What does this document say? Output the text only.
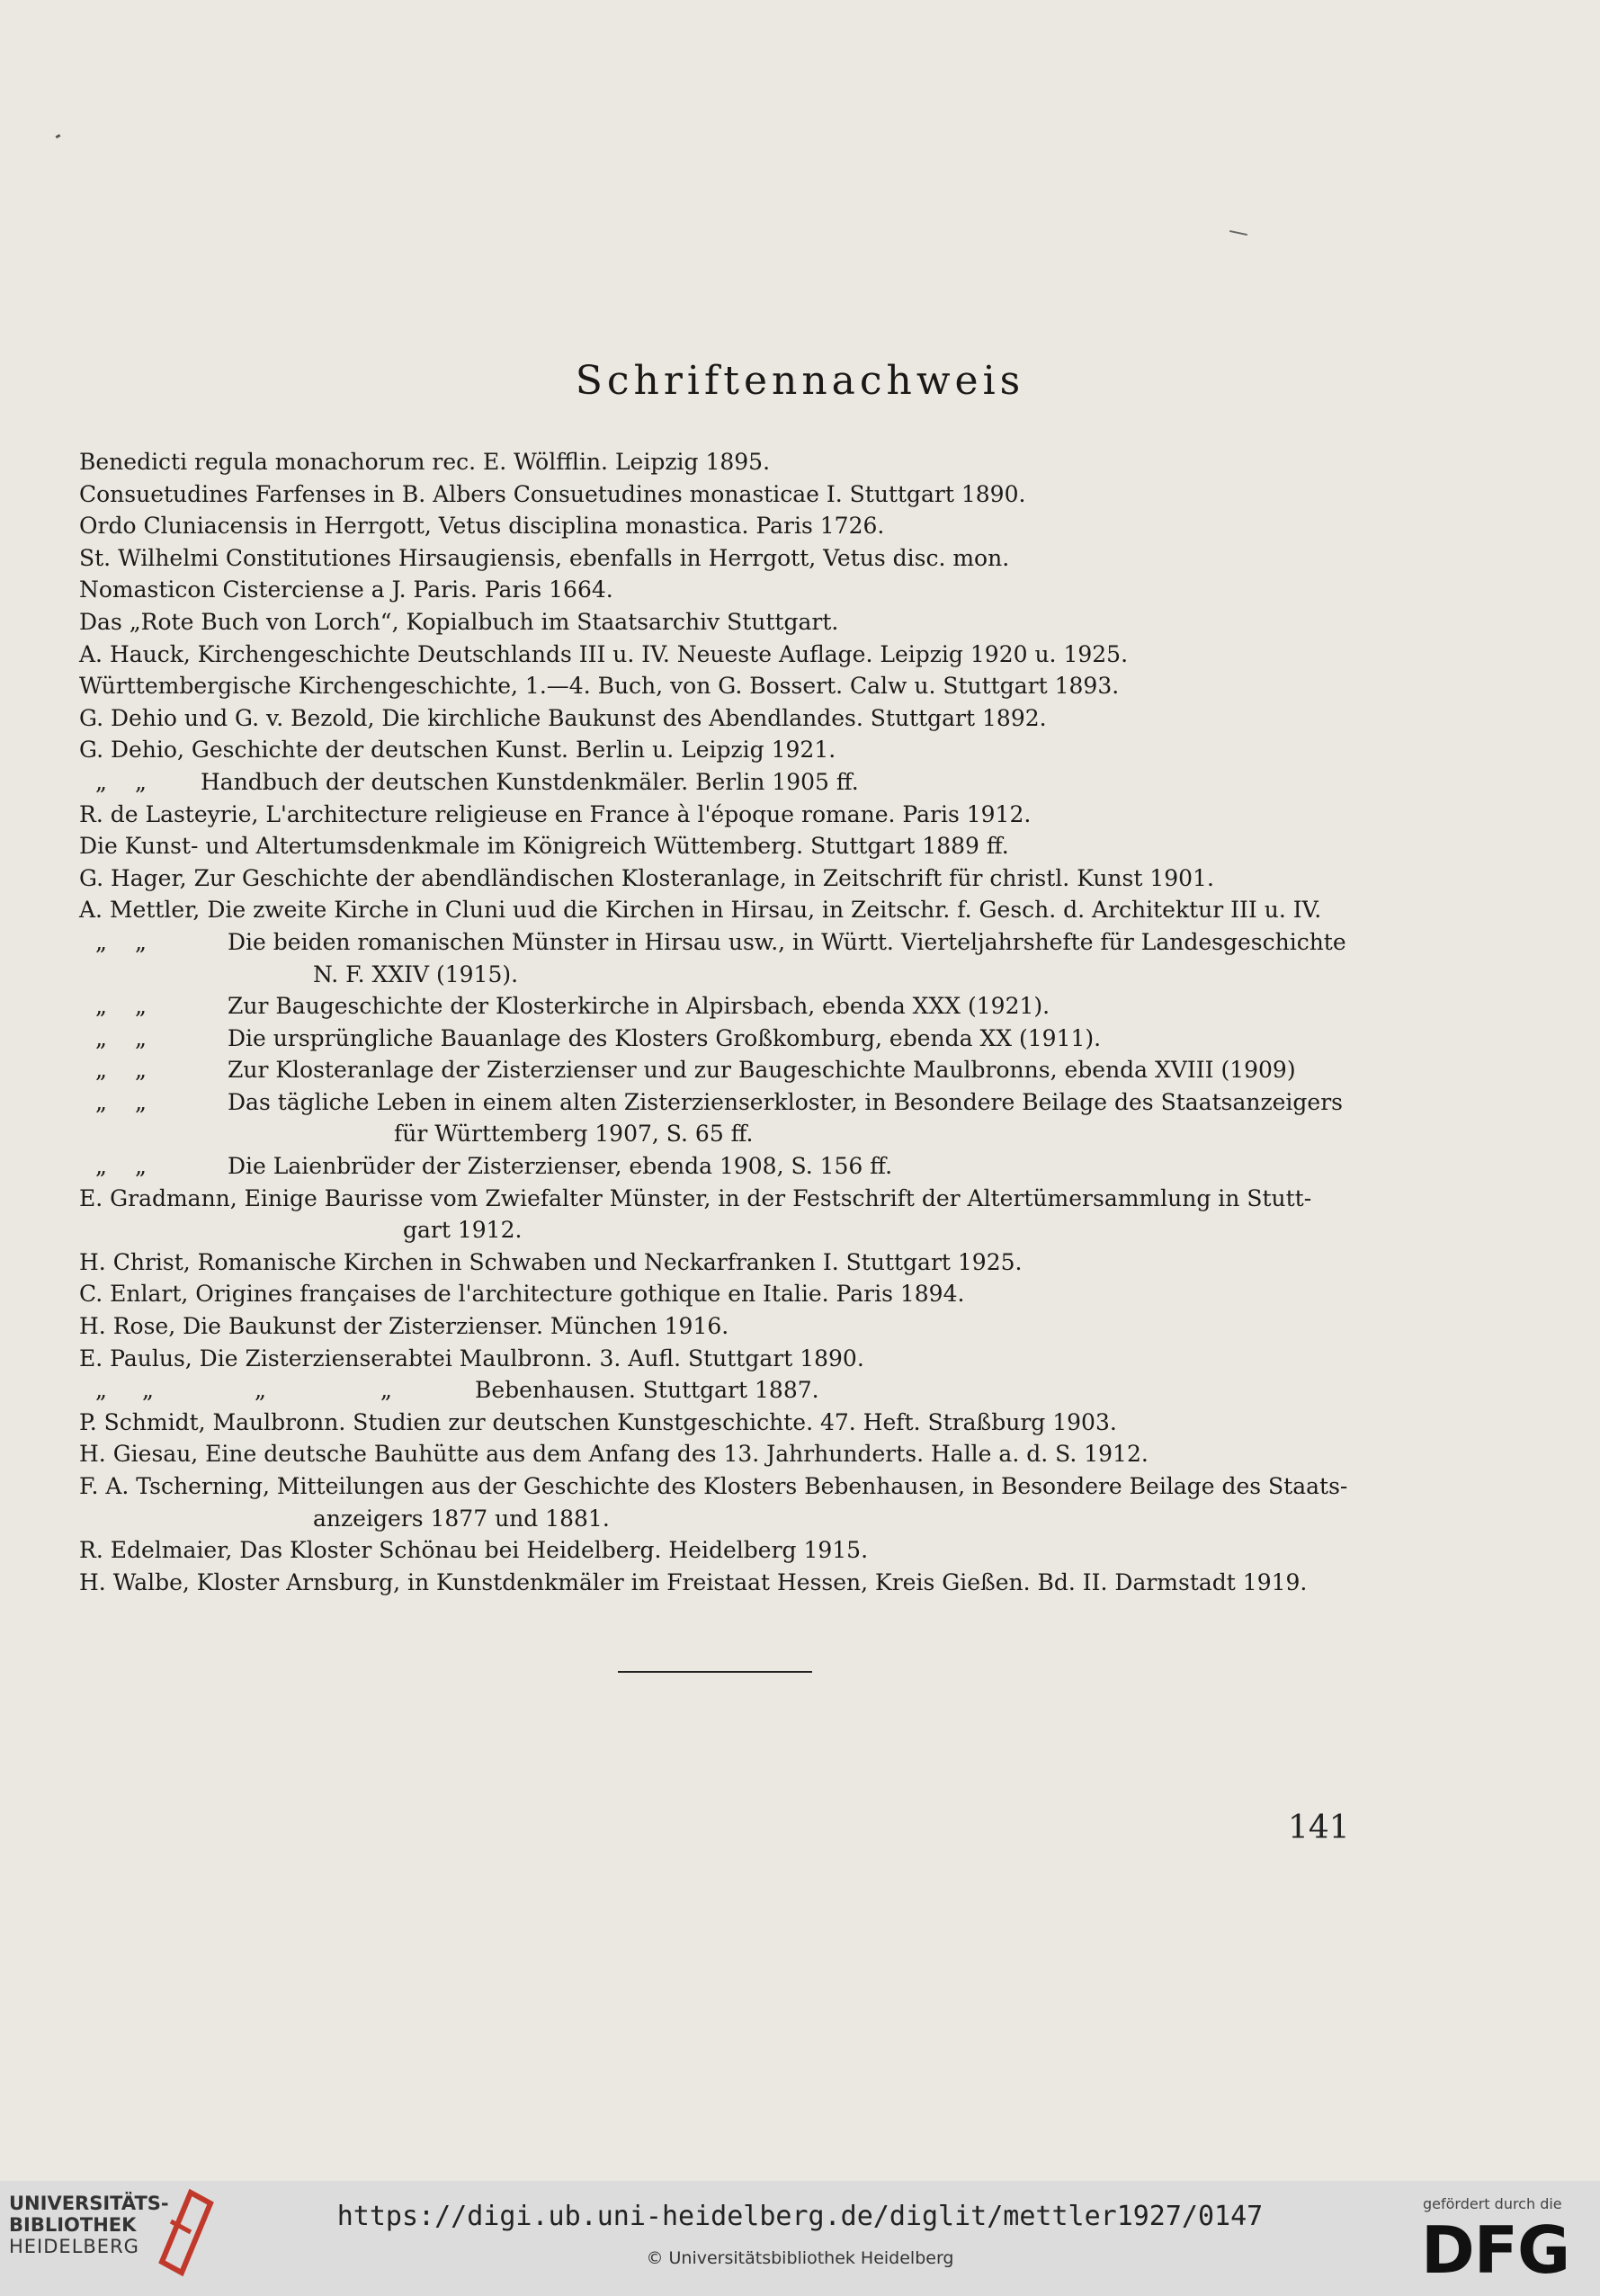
Schriftennachweis
Benedicti regula monachorum rec. E. Wölfflin. Leipzig 1895.
Consuetudines Farfenses in B. Albers Consuetudines monasticae I. Stuttgart 1890.
Ordo Cluniacensis in Herrgott, Vetus disciplina monastica. Paris 1726.
St. Wilhelmi Constitutiones Hirsaugiensis, ebenfalls in Herrgott, Vetus disc. mon.
Nomasticon Cisterciense a J. Paris. Paris 1664.
Das „Rote Buch von Lorch“, Kopialbuch im Staatsarchiv Stuttgart.
A. Hauck, Kirchengeschichte Deutschlands III u. IV. Neueste Auflage. Leipzig 1920 u. 1925.
Württembergische Kirchengeschichte, 1.—4. Buch, von G. Bossert. Calw u. Stuttgart 1893.
G. Dehio und G. v. Bezold, Die kirchliche Baukunst des Abendlandes. Stuttgart 1892.
G. Dehio, Geschichte der deutschen Kunst. Berlin u. Leipzig 1921.
„ „ Handbuch der deutschen Kunstdenkmäler. Berlin 1905 ff.
R. de Lasteyrie, L'architecture religieuse en France à l'époque romane. Paris 1912.
Die Kunst- und Altertumsdenkmale im Königreich Wüttemberg. Stuttgart 1889 ff.
G. Hager, Zur Geschichte der abendländischen Klosteranlage, in Zeitschrift für christl. Kunst 1901.
A. Mettler, Die zweite Kirche in Cluni uud die Kirchen in Hirsau, in Zeitschr. f. Gesch. d. Architektur III u. IV.
„ „	Die beiden romanischen Münster in Hirsau usw., in Württ. Vierteljahrshefte für Landesgeschichte
N. F. XXIV (1915).
„ „	Zur Baugeschichte der Klosterkirche in Alpirsbach, ebenda XXX (1921).
„ „	Die ursprüngliche Bauanlage des Klosters Großkomburg, ebenda XX (1911).
„ „	Zur Klosteranlage der Zisterzienser und zur Baugeschichte Maulbronns, ebenda XVIII (1909)
„ „	Das tägliche Leben in einem alten Zisterzienserkloster, in Besondere Beilage des Staatsanzeigers
für Württemberg 1907, S. 65 ff.
„ „	Die Laienbrüder der Zisterzienser, ebenda 1908, S. 156 ff.
E. Gradmann, Einige Baurisse vom Zwiefalter Münster, in der Festschrift der Altertümersammlung in Stutt-
gart 1912.
H. Christ, Romanische Kirchen in Schwaben und Neckarfranken I. Stuttgart 1925.
C. Enlart, Origines françaises de l'architecture gothique en Italie. Paris 1894.
H. Rose, Die Baukunst der Zisterzienser. München 1916.
E. Paulus, Die Zisterzienserabtei Maulbronn. 3. Aufl. Stuttgart 1890.
„ „	„	„	Bebenhausen. Stuttgart 1887.
P. Schmidt, Maulbronn. Studien zur deutschen Kunstgeschichte. 47. Heft. Straßburg 1903.
H. Giesau, Eine deutsche Bauhütte aus dem Anfang des 13. Jahrhunderts. Halle a. d. S. 1912.
F. A. Tscherning, Mitteilungen aus der Geschichte des Klosters Bebenhausen, in Besondere Beilage des Staats-
anzeigers 1877 und 1881.
R. Edelmaier, Das Kloster Schönau bei Heidelberg. Heidelberg 1915.
H. Walbe, Kloster Arnsburg, in Kunstdenkmäler im Freistaat Hessen, Kreis Gießen. Bd. II. Darmstadt 1919.
141
UNIVERSITÄTS-
BIBLIOTHEK
HEIDELBERG
https://digi.ub.uni-heidelberg.de/diglit/mettler1927/0147
© Universitätsbibliothek Heidelberg
gefördert durch die
DFG
